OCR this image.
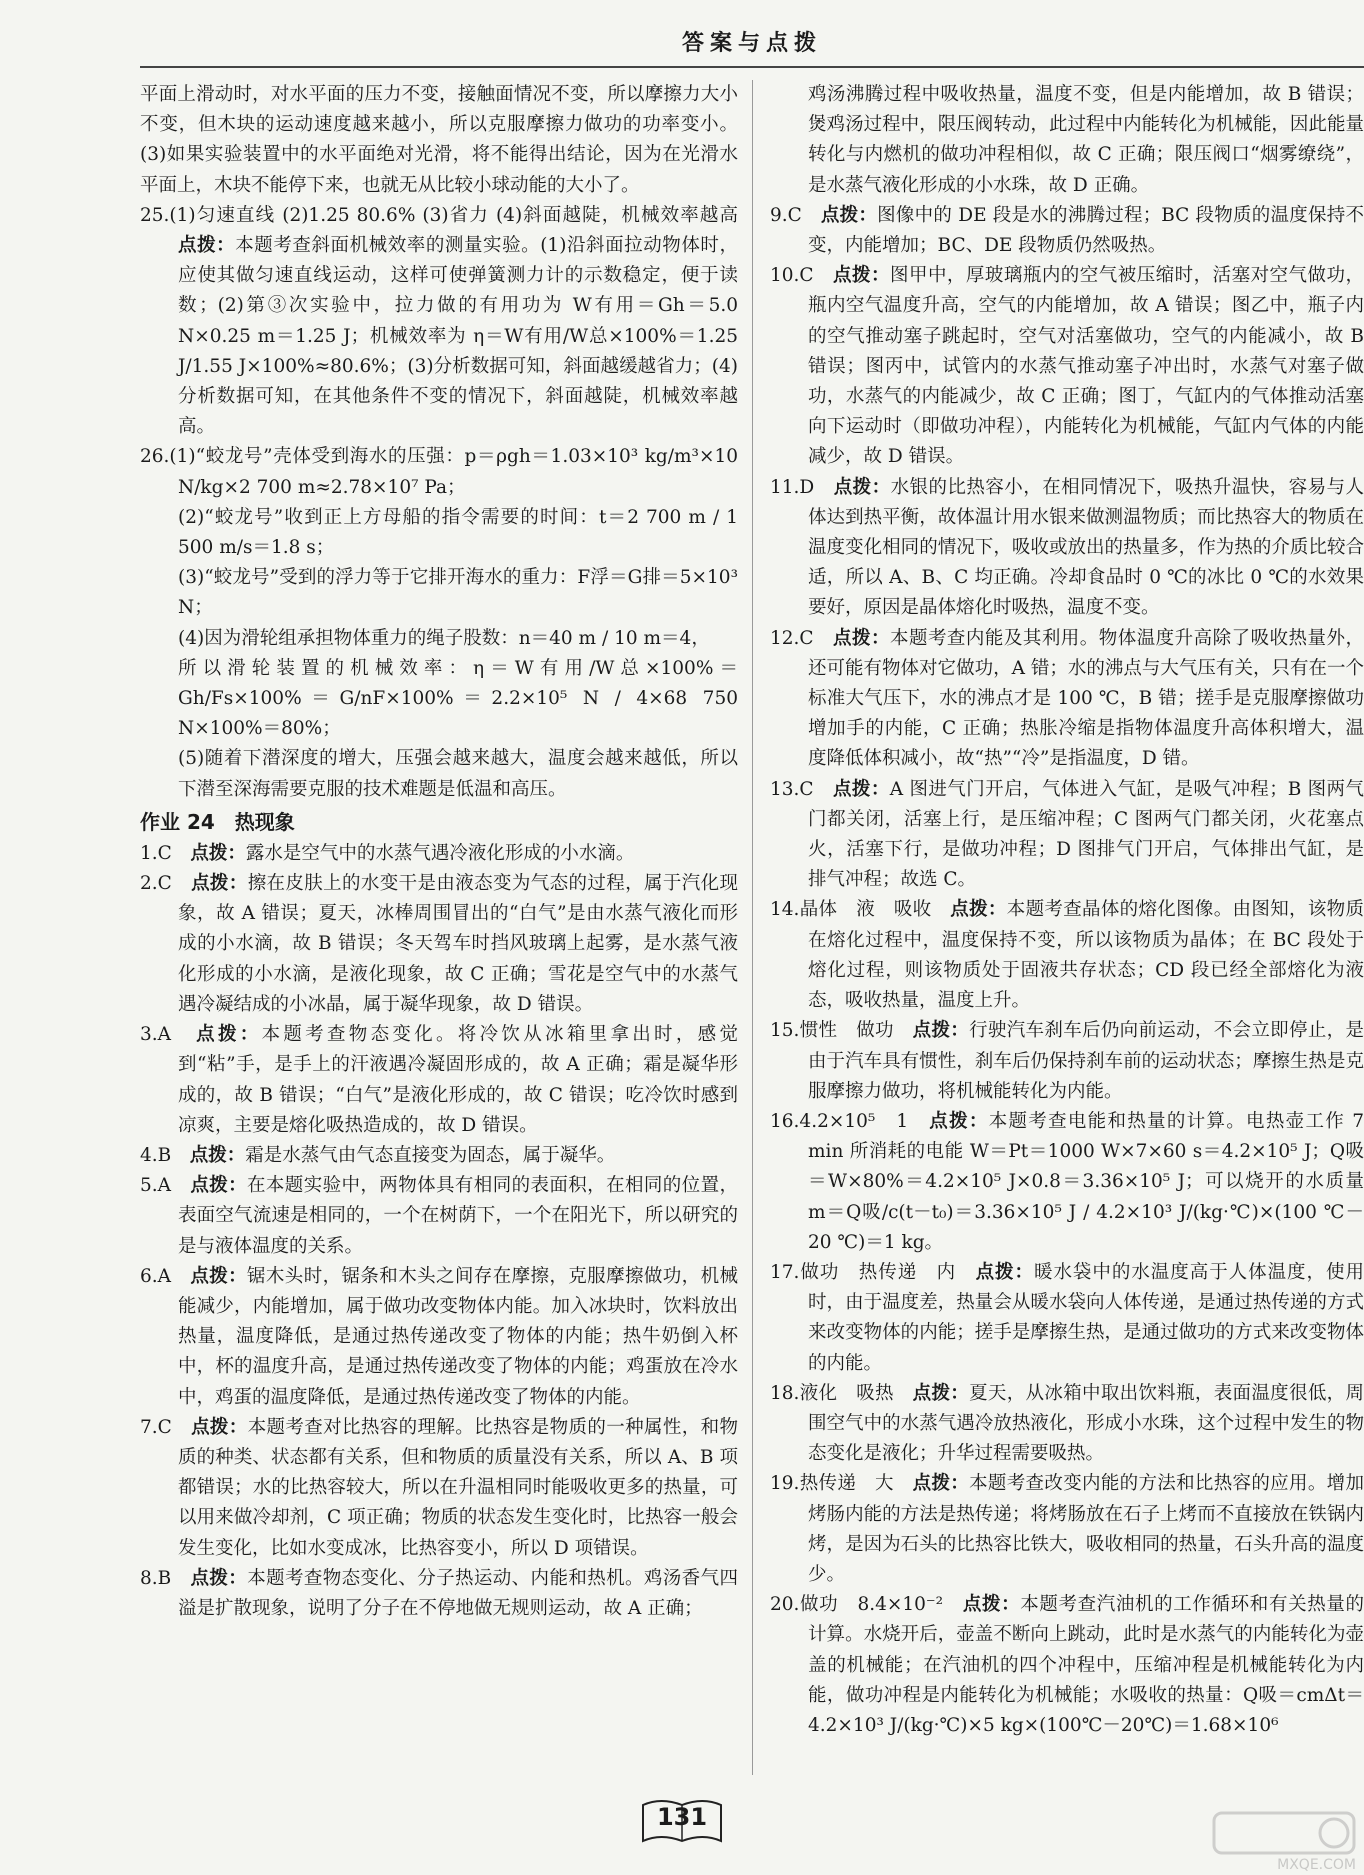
答案与点拨

平面上滑动时，对水平面的压力不变，接触面情况不变，所以摩擦力大小不变，但木块的运动速度越来越小，所以克服摩擦力做功的功率变小。(3)如果实验装置中的水平面绝对光滑，将不能得出结论，因为在光滑水平面上，木块不能停下来，也就无从比较小球动能的大小了。

25.(1)匀速直线 (2)1.25 80.6% (3)省力 (4)斜面越陡，机械效率越高　点拨：本题考查斜面机械效率的测量实验。(1)沿斜面拉动物体时，应使其做匀速直线运动，这样可使弹簧测力计的示数稳定，便于读数；(2)第③次实验中，拉力做的有用功为 W有用＝Gh＝5.0 N×0.25 m＝1.25 J；机械效率为 η＝W有用/W总×100%＝1.25 J/1.55 J×100%≈80.6%；(3)分析数据可知，斜面越缓越省力；(4)分析数据可知，在其他条件不变的情况下，斜面越陡，机械效率越高。

26.(1)“蛟龙号”壳体受到海水的压强：p＝ρgh＝1.03×10³ kg/m³×10 N/kg×2 700 m≈2.78×10⁷ Pa；

(2)“蛟龙号”收到正上方母船的指令需要的时间：t＝2 700 m / 1 500 m/s＝1.8 s；

(3)“蛟龙号”受到的浮力等于它排开海水的重力：F浮＝G排＝5×10³ N；

(4)因为滑轮组承担物体重力的绳子股数：n＝40 m / 10 m＝4，

所以滑轮装置的机械效率：η＝W有用/W总×100%＝Gh/Fs×100%＝G/nF×100%＝2.2×10⁵ N / 4×68 750 N×100%＝80%；

(5)随着下潜深度的增大，压强会越来越大，温度会越来越低，所以下潜至深海需要克服的技术难题是低温和高压。

作业 24　热现象

1.C　 点拨：露水是空气中的水蒸气遇冷液化形成的小水滴。

2.C　 点拨：擦在皮肤上的水变干是由液态变为气态的过程，属于汽化现象，故 A 错误；夏天，冰棒周围冒出的“白气”是由水蒸气液化而形成的小水滴，故 B 错误；冬天驾车时挡风玻璃上起雾，是水蒸气液化形成的小水滴，是液化现象，故 C 正确；雪花是空气中的水蒸气遇冷凝结成的小冰晶，属于凝华现象，故 D 错误。

3.A　 点拨：本题考查物态变化。将冷饮从冰箱里拿出时，感觉到“粘”手，是手上的汗液遇冷凝固形成的，故 A 正确；霜是凝华形成的，故 B 错误；“白气”是液化形成的，故 C 错误；吃冷饮时感到凉爽，主要是熔化吸热造成的，故 D 错误。

4.B　 点拨：霜是水蒸气由气态直接变为固态，属于凝华。

5.A　 点拨：在本题实验中，两物体具有相同的表面积，在相同的位置，表面空气流速是相同的，一个在树荫下，一个在阳光下，所以研究的是与液体温度的关系。

6.A　 点拨：锯木头时，锯条和木头之间存在摩擦，克服摩擦做功，机械能减少，内能增加，属于做功改变物体内能。加入冰块时，饮料放出热量，温度降低，是通过热传递改变了物体的内能；热牛奶倒入杯中，杯的温度升高，是通过热传递改变了物体的内能；鸡蛋放在冷水中，鸡蛋的温度降低，是通过热传递改变了物体的内能。

7.C　 点拨：本题考查对比热容的理解。比热容是物质的一种属性，和物质的种类、状态都有关系，但和物质的质量没有关系，所以 A、B 项都错误；水的比热容较大，所以在升温相同时能吸收更多的热量，可以用来做冷却剂，C 项正确；物质的状态发生变化时，比热容一般会发生变化，比如水变成冰，比热容变小，所以 D 项错误。

8.B　 点拨：本题考查物态变化、分子热运动、内能和热机。鸡汤香气四溢是扩散现象，说明了分子在不停地做无规则运动，故 A 正确；

鸡汤沸腾过程中吸收热量，温度不变，但是内能增加，故 B 错误；煲鸡汤过程中，限压阀转动，此过程中内能转化为机械能，因此能量转化与内燃机的做功冲程相似，故 C 正确；限压阀口“烟雾缭绕”，是水蒸气液化形成的小水珠，故 D 正确。

9.C　 点拨：图像中的 DE 段是水的沸腾过程；BC 段物质的温度保持不变，内能增加；BC、DE 段物质仍然吸热。

10.C　 点拨：图甲中，厚玻璃瓶内的空气被压缩时，活塞对空气做功，瓶内空气温度升高，空气的内能增加，故 A 错误；图乙中，瓶子内的空气推动塞子跳起时，空气对活塞做功，空气的内能减小，故 B 错误；图丙中，试管内的水蒸气推动塞子冲出时，水蒸气对塞子做功，水蒸气的内能减少，故 C 正确；图丁，气缸内的气体推动活塞向下运动时（即做功冲程），内能转化为机械能，气缸内气体的内能减少，故 D 错误。

11.D　 点拨：水银的比热容小，在相同情况下，吸热升温快，容易与人体达到热平衡，故体温计用水银来做测温物质；而比热容大的物质在温度变化相同的情况下，吸收或放出的热量多，作为热的介质比较合适，所以 A、B、C 均正确。冷却食品时 0 ℃的冰比 0 ℃的水效果要好，原因是晶体熔化时吸热，温度不变。

12.C　 点拨：本题考查内能及其利用。物体温度升高除了吸收热量外，还可能有物体对它做功，A 错；水的沸点与大气压有关，只有在一个标准大气压下，水的沸点才是 100 ℃，B 错；搓手是克服摩擦做功增加手的内能，C 正确；热胀冷缩是指物体温度升高体积增大，温度降低体积减小，故“热”“冷”是指温度，D 错。

13.C　 点拨：A 图进气门开启，气体进入气缸，是吸气冲程；B 图两气门都关闭，活塞上行，是压缩冲程；C 图两气门都关闭，火花塞点火，活塞下行，是做功冲程；D 图排气门开启，气体排出气缸，是排气冲程；故选 C。

14.晶体　液　吸收　 点拨：本题考查晶体的熔化图像。由图知，该物质在熔化过程中，温度保持不变，所以该物质为晶体；在 BC 段处于熔化过程，则该物质处于固液共存状态；CD 段已经全部熔化为液态，吸收热量，温度上升。

15.惯性　做功　 点拨：行驶汽车刹车后仍向前运动，不会立即停止，是由于汽车具有惯性，刹车后仍保持刹车前的运动状态；摩擦生热是克服摩擦力做功，将机械能转化为内能。

16.4.2×10⁵　1　 点拨：本题考查电能和热量的计算。电热壶工作 7 min 所消耗的电能 W＝Pt＝1000 W×7×60 s＝4.2×10⁵ J；Q吸＝W×80%＝4.2×10⁵ J×0.8＝3.36×10⁵ J；可以烧开的水质量 m＝Q吸/c(t－t₀)＝3.36×10⁵ J / 4.2×10³ J/(kg·℃)×(100 ℃－20 ℃)＝1 kg。

17.做功　热传递　内　 点拨：暖水袋中的水温度高于人体温度，使用时，由于温度差，热量会从暖水袋向人体传递，是通过热传递的方式来改变物体的内能；搓手是摩擦生热，是通过做功的方式来改变物体的内能。

18.液化　吸热　 点拨：夏天，从冰箱中取出饮料瓶，表面温度很低，周围空气中的水蒸气遇冷放热液化，形成小水珠，这个过程中发生的物态变化是液化；升华过程需要吸热。

19.热传递　大　 点拨：本题考查改变内能的方法和比热容的应用。增加烤肠内能的方法是热传递；将烤肠放在石子上烤而不直接放在铁锅内烤，是因为石头的比热容比铁大，吸收相同的热量，石头升高的温度少。

20.做功　8.4×10⁻²　 点拨：本题考查汽油机的工作循环和有关热量的计算。水烧开后，壶盖不断向上跳动，此时是水蒸气的内能转化为壶盖的机械能；在汽油机的四个冲程中，压缩冲程是机械能转化为内能，做功冲程是内能转化为机械能；水吸收的热量：Q吸＝cmΔt＝4.2×10³ J/(kg·℃)×5 kg×(100℃－20℃)＝1.68×10⁶

131
MXQE.COM
